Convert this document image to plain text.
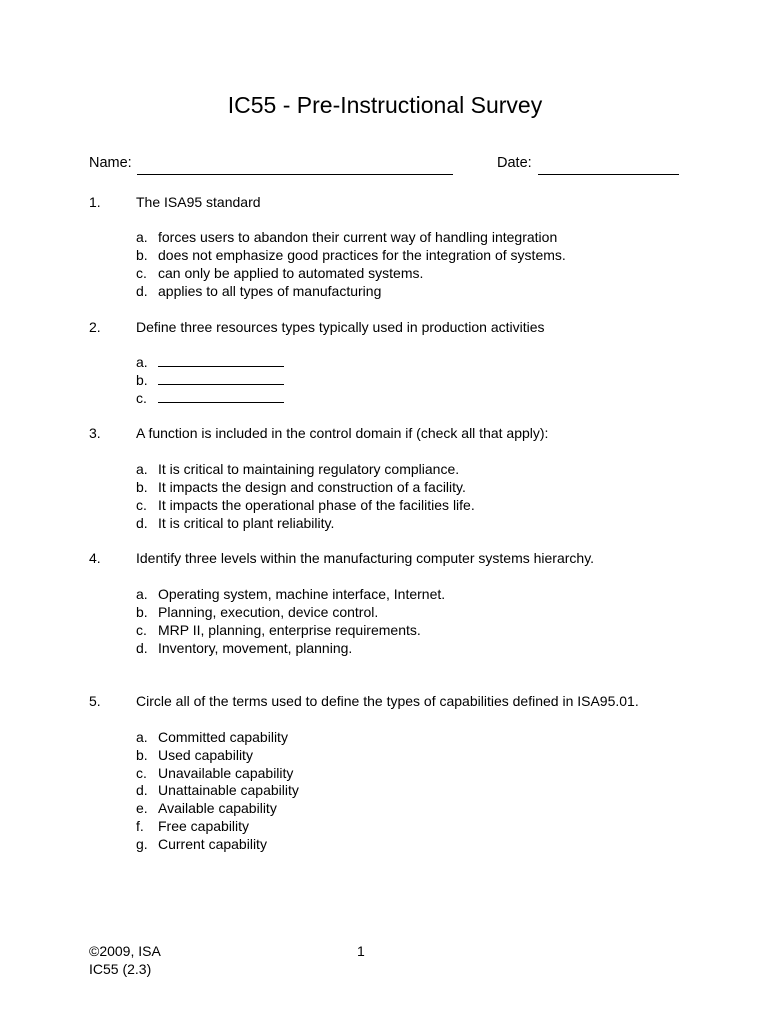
IC55 - Pre-Instructional Survey
Name:	Date:
1.	The ISA95 standard
a. forces users to abandon their current way of handling integration
b. does not emphasize good practices for the integration of systems.
c. can only be applied to automated systems.
d. applies to all types of manufacturing
2.	Define three resources types typically used in production activities
a.
b.
c.
3.	A function is included in the control domain if (check all that apply):
a. It is critical to maintaining regulatory compliance.
b. It impacts the design and construction of a facility.
c. It impacts the operational phase of the facilities life.
d. It is critical to plant reliability.
4.	Identify three levels within the manufacturing computer systems hierarchy.
a. Operating system, machine interface, Internet.
b. Planning, execution, device control.
c. MRP II, planning, enterprise requirements.
d. Inventory, movement, planning.
5.	Circle all of the terms used to define the types of capabilities defined in ISA95.01.
a. Committed capability
b. Used capability
c. Unavailable capability
d. Unattainable capability
e. Available capability
f. Free capability
g. Current capability
©2009, ISA
IC55 (2.3)
1
